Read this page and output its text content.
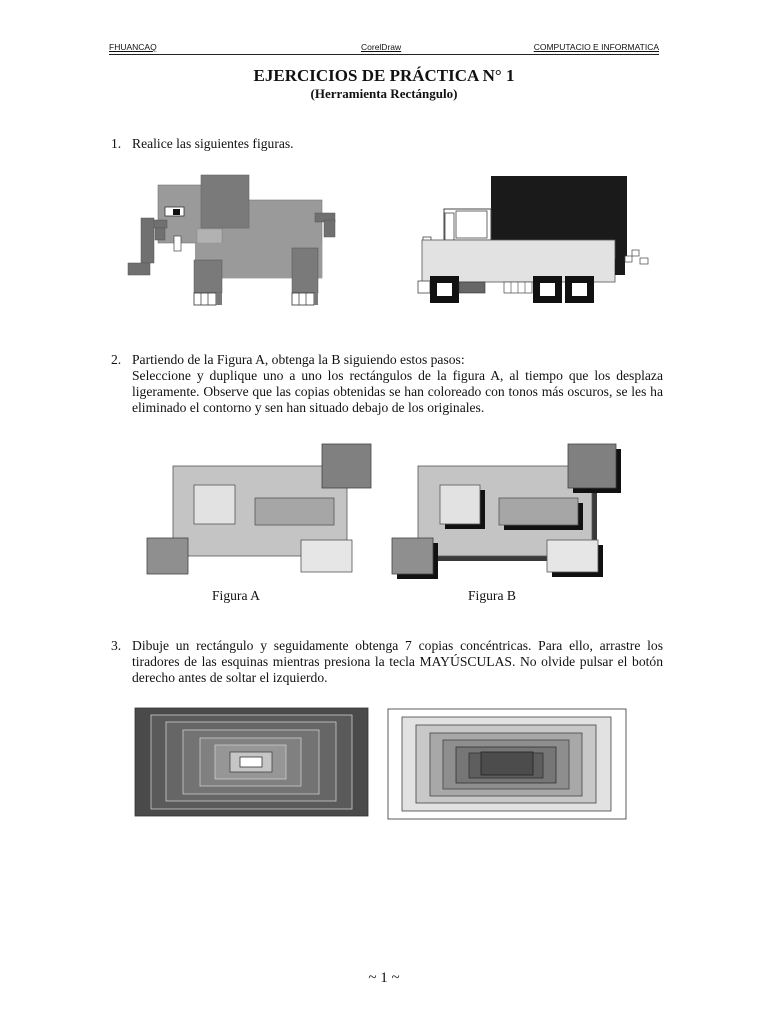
FHUANCAQ	CorelDraw	COMPUTACIO E INFORMATICA
EJERCICIOS DE PRÁCTICA N° 1
(Herramienta Rectángulo)
1. Realice las siguientes figuras.
2. Partiendo de la Figura A, obtenga la B siguiendo estos pasos:
Seleccione y duplique uno a uno los rectángulos de la figura A, al tiempo que los desplaza ligeramente. Observe que las copias obtenidas se han coloreado con tonos más oscuros, se les ha eliminado el contorno y sen han situado debajo de los originales.
Figura A	Figura B
3. Dibuje un rectángulo y seguidamente obtenga 7 copias concéntricas. Para ello, arrastre los tiradores de las esquinas mientras presiona la tecla MAYÚSCULAS. No olvide pulsar el botón derecho antes de soltar el izquierdo.
~ 1 ~
